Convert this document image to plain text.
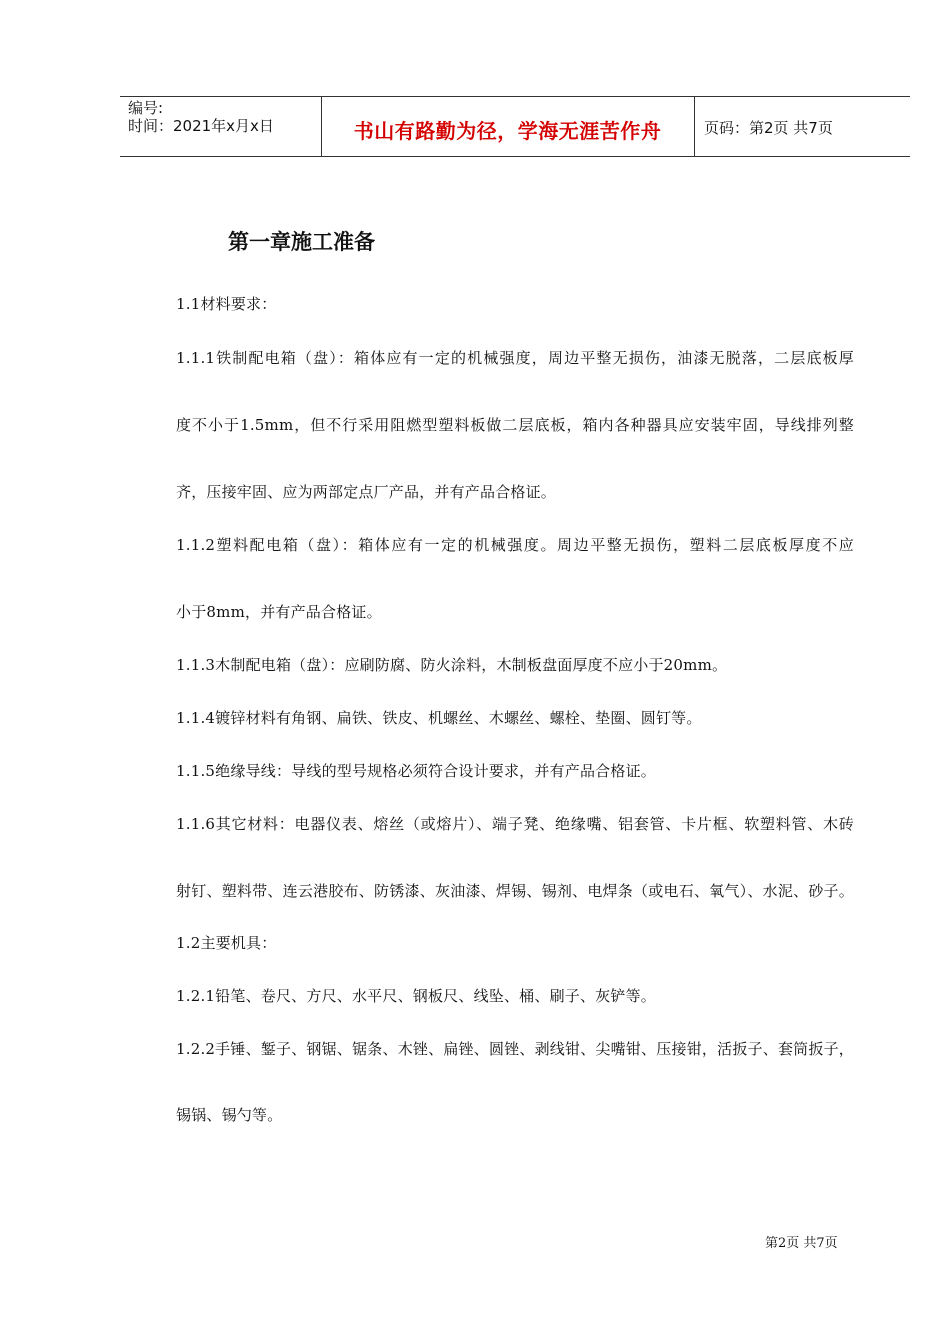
编号:
时间：2021年x月x日	书山有路勤为径，学海无涯苦作舟	页码：第2页 共7页
第一章施工准备
1.1材料要求：
1.1.1铁制配电箱（盘）：箱体应有一定的机械强度，周边平整无损伤，油漆无脱落，二层底板厚
度不小于1.5mm，但不行采用阻燃型塑料板做二层底板，箱内各种器具应安装牢固，导线排列整
齐，压接牢固、应为两部定点厂产品，并有产品合格证。
1.1.2塑料配电箱（盘）：箱体应有一定的机械强度。周边平整无损伤，塑料二层底板厚度不应
小于8mm，并有产品合格证。
1.1.3木制配电箱（盘）：应刷防腐、防火涂料，木制板盘面厚度不应小于20mm。
1.1.4镀锌材料有角钢、扁铁、铁皮、机螺丝、木螺丝、螺栓、垫圈、圆钉等。
1.1.5绝缘导线：导线的型号规格必须符合设计要求，并有产品合格证。
1.1.6其它材料：电器仪表、熔丝（或熔片）、端子凳、绝缘嘴、铝套管、卡片框、软塑料管、木砖
射钉、塑料带、连云港胶布、防锈漆、灰油漆、焊锡、锡剂、电焊条（或电石、氧气）、水泥、砂子。
1.2主要机具：
1.2.1铅笔、卷尺、方尺、水平尺、钢板尺、线坠、桶、刷子、灰铲等。
1.2.2手锤、錾子、钢锯、锯条、木锉、扁锉、圆锉、剥线钳、尖嘴钳、压接钳，活扳子、套筒扳子，
锡锅、锡勺等。
第2页 共7页
